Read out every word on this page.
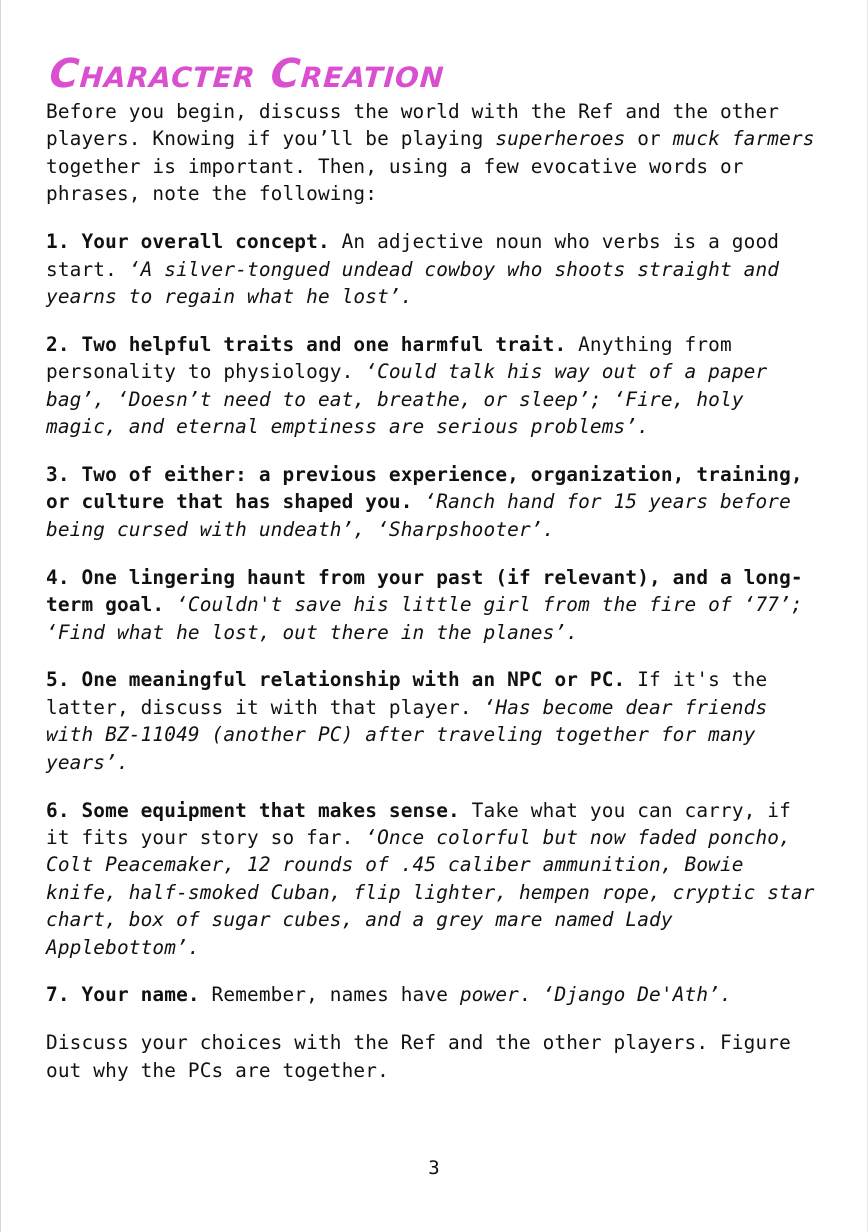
Character Creation

Before you begin, discuss the world with the Ref and the other players. Knowing if you’ll be playing superheroes or muck farmers together is important. Then, using a few evocative words or phrases, note the following:

1. Your overall concept. An adjective noun who verbs is a good start. ‘A silver-tongued undead cowboy who shoots straight and yearns to regain what he lost’.

2. Two helpful traits and one harmful trait. Anything from personality to physiology. ‘Could talk his way out of a paper bag’, ‘Doesn’t need to eat, breathe, or sleep’; ‘Fire, holy magic, and eternal emptiness are serious problems’.

3. Two of either: a previous experience, organization, training, or culture that has shaped you. ‘Ranch hand for 15 years before being cursed with undeath’, ‘Sharpshooter’.

4. One lingering haunt from your past (if relevant), and a long-term goal. ‘Couldn't save his little girl from the fire of ‘77’; ‘Find what he lost, out there in the planes’.

5. One meaningful relationship with an NPC or PC. If it's the latter, discuss it with that player. ‘Has become dear friends with BZ-11049 (another PC) after traveling together for many years’.

6. Some equipment that makes sense. Take what you can carry, if it fits your story so far. ‘Once colorful but now faded poncho, Colt Peacemaker, 12 rounds of .45 caliber ammunition, Bowie knife, half-smoked Cuban, flip lighter, hempen rope, cryptic star chart, box of sugar cubes, and a grey mare named Lady Applebottom’.

7. Your name. Remember, names have power. ‘Django De'Ath’.

Discuss your choices with the Ref and the other players. Figure out why the PCs are together.

3
